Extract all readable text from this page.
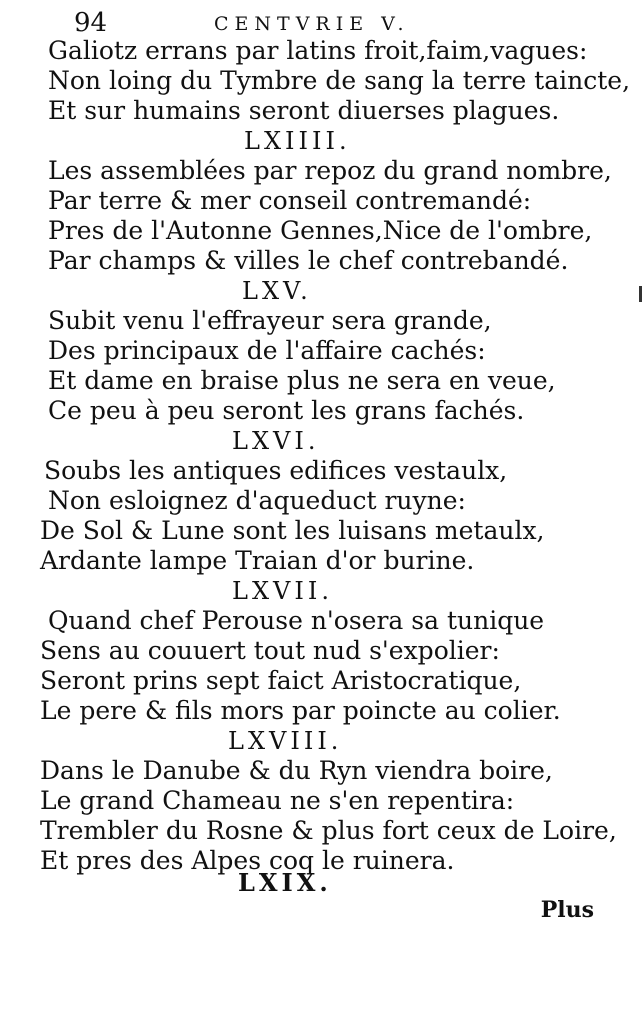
94	CENTVRIE V.
Galiotz errans par latins froit,faim,vagues:
Non loing du Tymbre de sang la terre taincte,
Et sur humains seront diuerses plagues.
LXIIII.
Les assemblées par repoz du grand nombre,
Par terre & mer conseil contremandé:
Pres de l'Autonne Gennes,Nice de l'ombre,
Par champs & villes le chef contrebandé.
LXV.
Subit venu l'effrayeur sera grande,
Des principaux de l'affaire cachés:
Et dame en braise plus ne sera en veue,
Ce peu à peu seront les grans fachés.
LXVI.
Soubs les antiques edifices vestaulx,
Non esloignez d'aqueduct ruyne:
De Sol & Lune sont les luisans metaulx,
Ardante lampe Traian d'or burine.
LXVII.
Quand chef Perouse n'osera sa tunique
Sens au couuert tout nud s'expolier:
Seront prins sept faict Aristocratique,
Le pere & fils mors par poincte au colier.
LXVIII.
Dans le Danube & du Ryn viendra boire,
Le grand Chameau ne s'en repentira:
Trembler du Rosne & plus fort ceux de Loire,
Et pres des Alpes coq le ruinera.
LXIX.
Plus
